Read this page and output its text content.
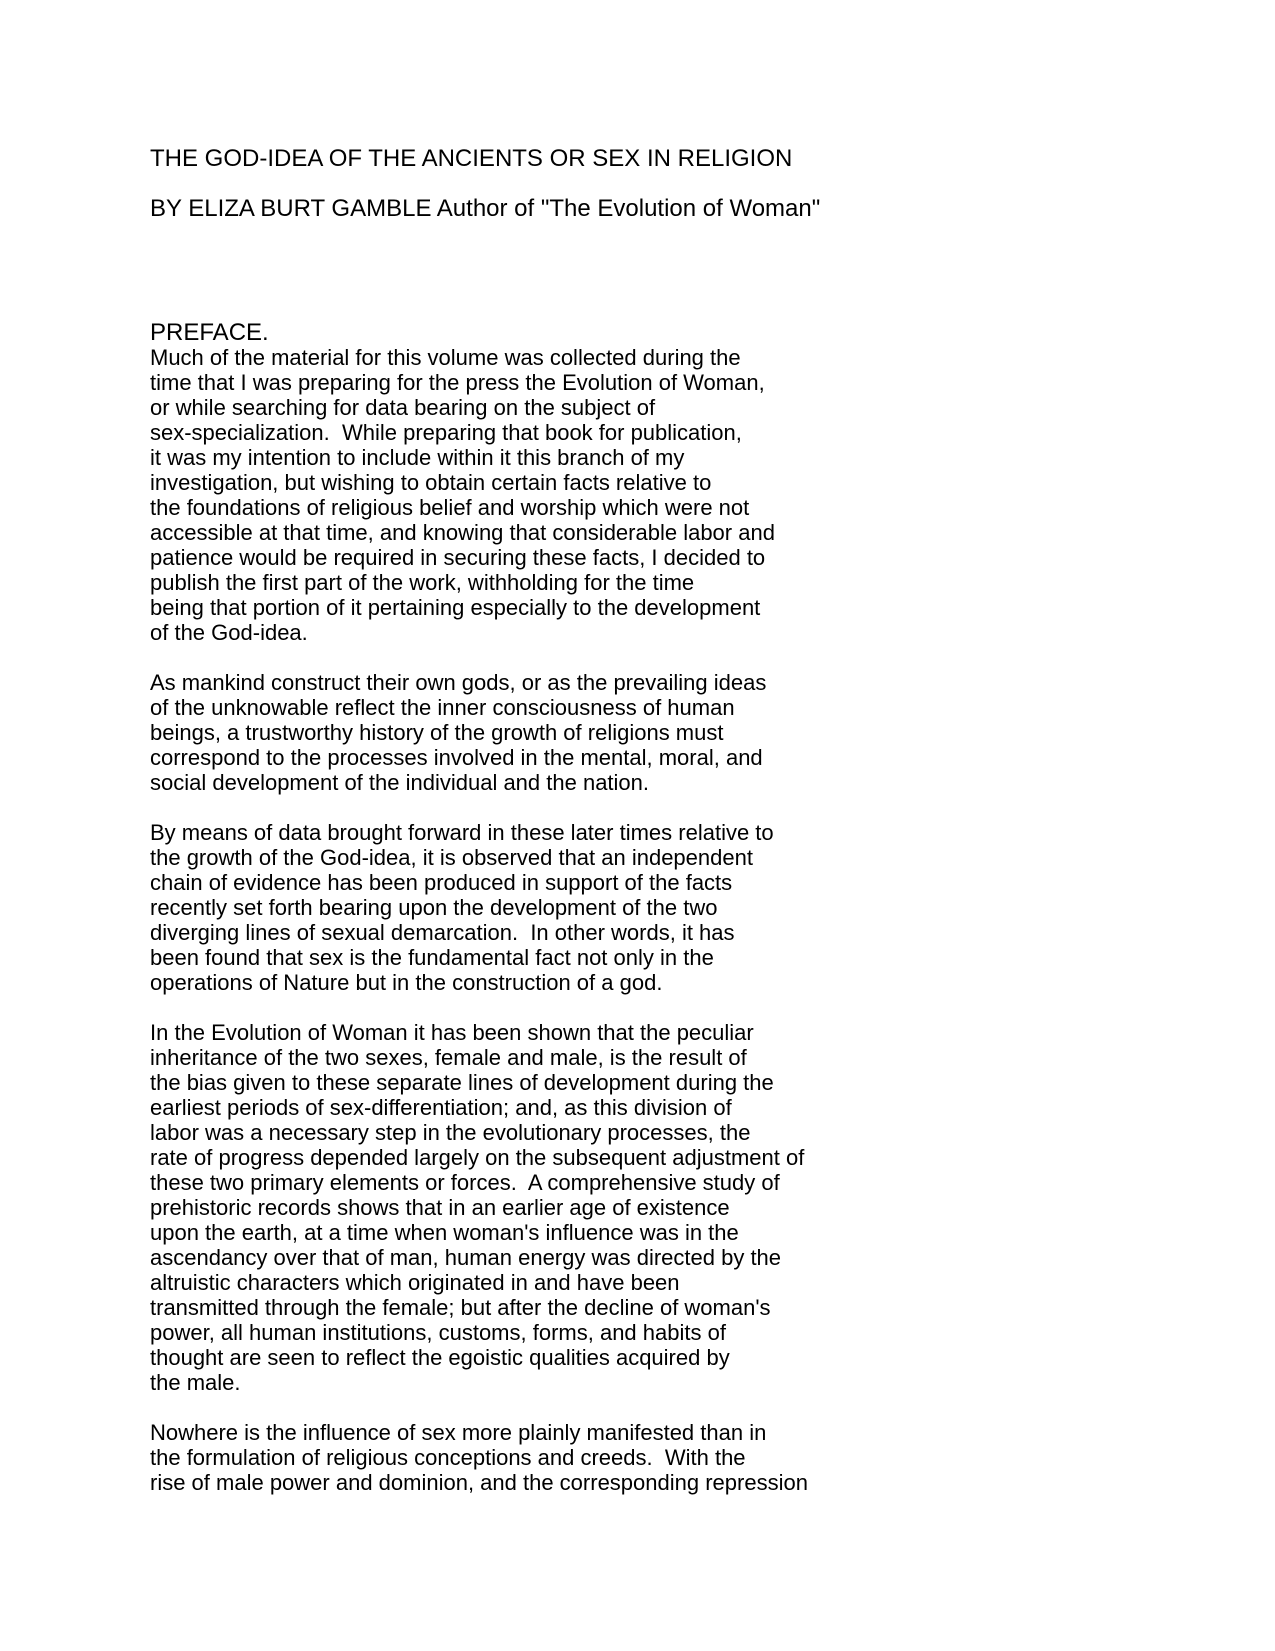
THE GOD-IDEA OF THE ANCIENTS OR SEX IN RELIGION
BY ELIZA BURT GAMBLE Author of "The Evolution of Woman"
PREFACE.
Much of the material for this volume was collected during the
time that I was preparing for the press the Evolution of Woman,
or while searching for data bearing on the subject of
sex-specialization.  While preparing that book for publication,
it was my intention to include within it this branch of my
investigation, but wishing to obtain certain facts relative to
the foundations of religious belief and worship which were not
accessible at that time, and knowing that considerable labor and
patience would be required in securing these facts, I decided to
publish the first part of the work, withholding for the time
being that portion of it pertaining especially to the development
of the God-idea.
As mankind construct their own gods, or as the prevailing ideas
of the unknowable reflect the inner consciousness of human
beings, a trustworthy history of the growth of religions must
correspond to the processes involved in the mental, moral, and
social development of the individual and the nation.
By means of data brought forward in these later times relative to
the growth of the God-idea, it is observed that an independent
chain of evidence has been produced in support of the facts
recently set forth bearing upon the development of the two
diverging lines of sexual demarcation.  In other words, it has
been found that sex is the fundamental fact not only in the
operations of Nature but in the construction of a god.
In the Evolution of Woman it has been shown that the peculiar
inheritance of the two sexes, female and male, is the result of
the bias given to these separate lines of development during the
earliest periods of sex-differentiation; and, as this division of
labor was a necessary step in the evolutionary processes, the
rate of progress depended largely on the subsequent adjustment of
these two primary elements or forces.  A comprehensive study of
prehistoric records shows that in an earlier age of existence
upon the earth, at a time when woman's influence was in the
ascendancy over that of man, human energy was directed by the
altruistic characters which originated in and have been
transmitted through the female; but after the decline of woman's
power, all human institutions, customs, forms, and habits of
thought are seen to reflect the egoistic qualities acquired by
the male.
Nowhere is the influence of sex more plainly manifested than in
the formulation of religious conceptions and creeds.  With the
rise of male power and dominion, and the corresponding repression
